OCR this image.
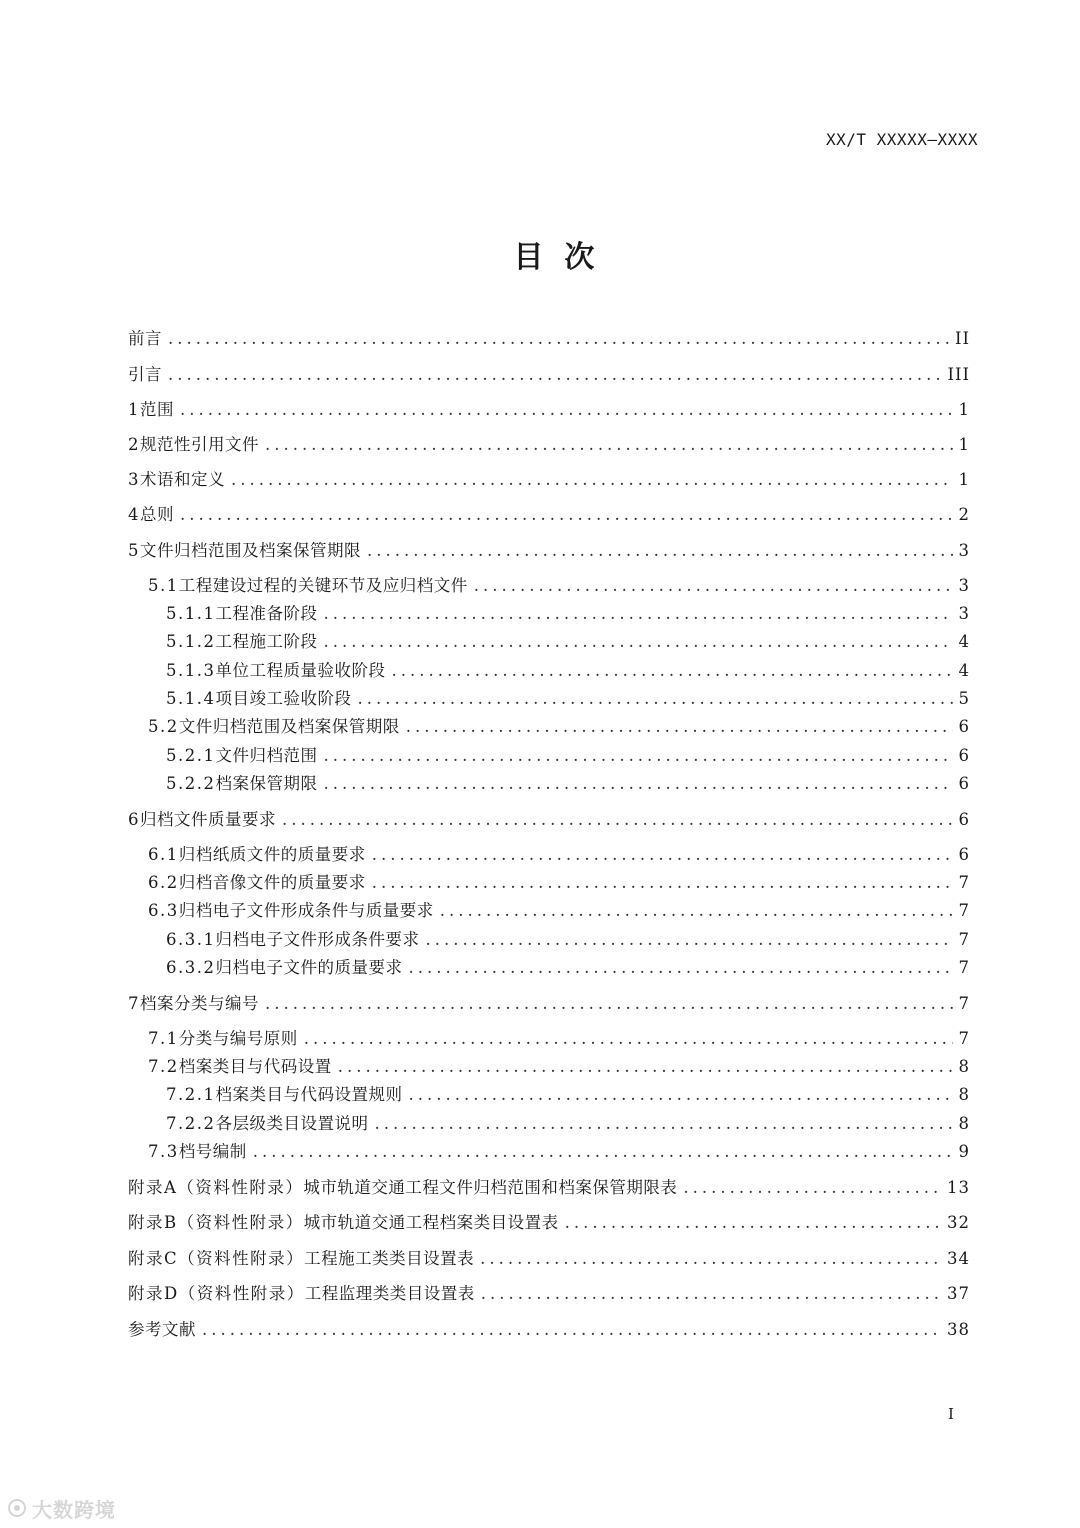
XX/T XXXXX—XXXX
目  次
前言 .....	II
引言 .....	III
1 范围 .....	1
2 规范性引用文件 .....	1
3 术语和定义 .....	1
4 总则 .....	2
5 文件归档范围及档案保管期限 .....	3
5.1 工程建设过程的关键环节及应归档文件 .....	3
5.1.1 工程准备阶段 .....	3
5.1.2 工程施工阶段 .....	4
5.1.3 单位工程质量验收阶段 .....	4
5.1.4 项目竣工验收阶段 .....	5
5.2 文件归档范围及档案保管期限 .....	6
5.2.1 文件归档范围 .....	6
5.2.2 档案保管期限 .....	6
6 归档文件质量要求 .....	6
6.1 归档纸质文件的质量要求 .....	6
6.2 归档音像文件的质量要求 .....	7
6.3 归档电子文件形成条件与质量要求 .....	7
6.3.1 归档电子文件形成条件要求 .....	7
6.3.2 归档电子文件的质量要求 .....	7
7 档案分类与编号 .....	7
7.1 分类与编号原则 .....	7
7.2 档案类目与代码设置 .....	8
7.2.1 档案类目与代码设置规则 .....	8
7.2.2 各层级类目设置说明 .....	8
7.3 档号编制 .....	9
附录A（资料性附录） 城市轨道交通工程文件归档范围和档案保管期限表 .....	13
附录B（资料性附录） 城市轨道交通工程档案类目设置表 .....	32
附录C（资料性附录） 工程施工类类目设置表 .....	34
附录D（资料性附录） 工程监理类类目设置表 .....	37
参考文献 .....	38
I
大数跨境
